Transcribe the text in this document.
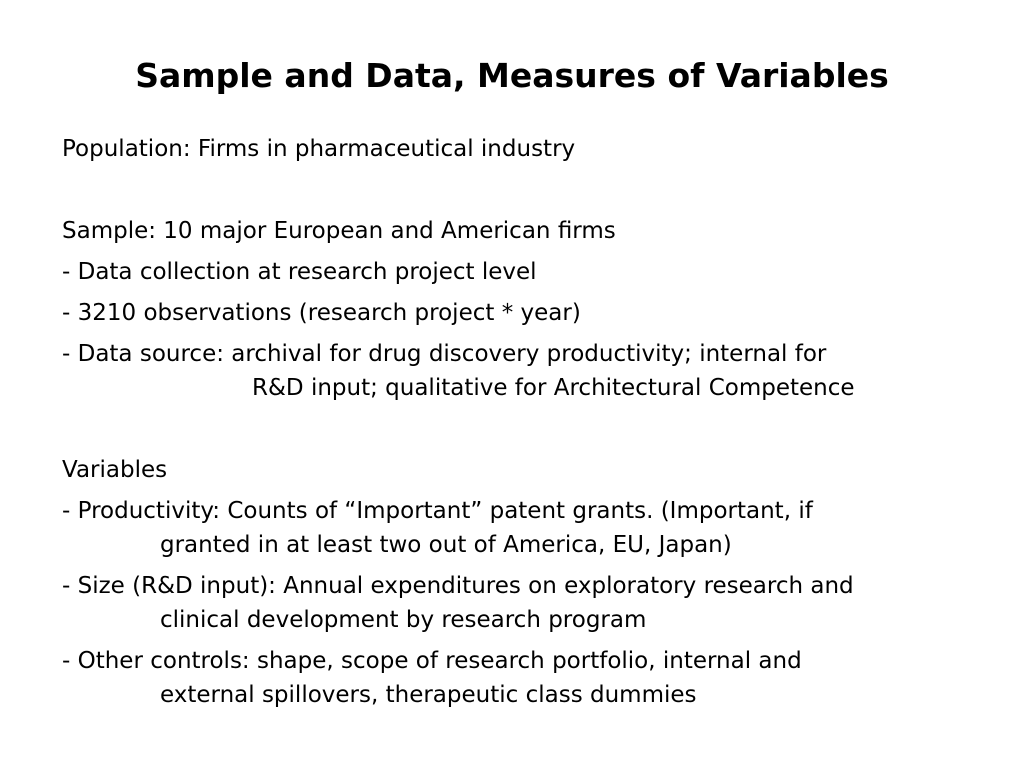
Sample and Data, Measures of Variables
Population: Firms in pharmaceutical industry
Sample: 10 major European and American firms
- Data collection at research project level
- 3210 observations (research project * year)
- Data source: archival for drug discovery productivity; internal for
R&D input; qualitative for Architectural Competence
Variables
- Productivity: Counts of “Important” patent grants. (Important, if
granted in at least two out of America, EU, Japan)
- Size (R&D input): Annual expenditures on exploratory research and
clinical development by research program
- Other controls: shape, scope of research portfolio, internal and
external spillovers, therapeutic class dummies
